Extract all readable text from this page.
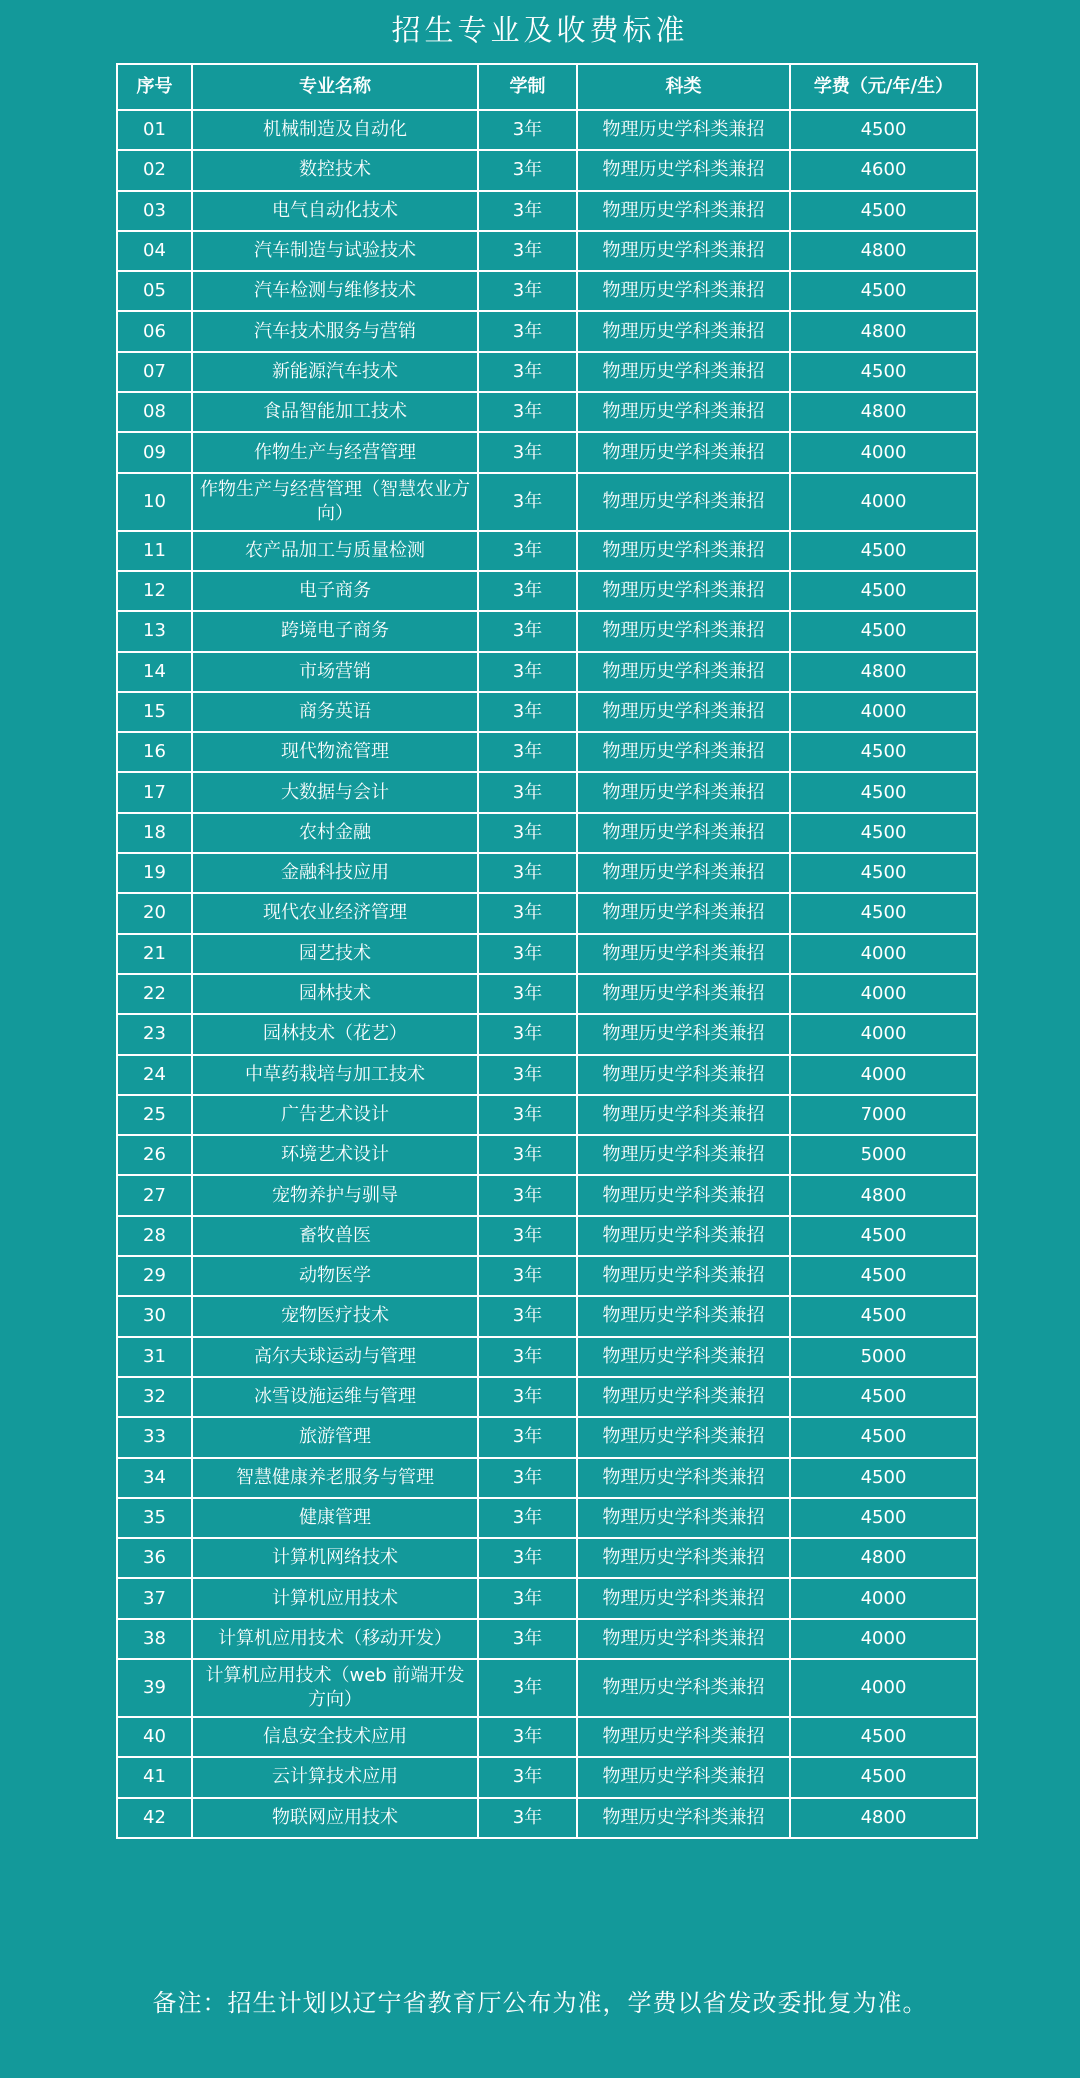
招生专业及收费标准
序号	专业名称	学制	科类	学费（元/年/生）
01	机械制造及自动化	3年	物理历史学科类兼招	4500
02	数控技术	3年	物理历史学科类兼招	4600
03	电气自动化技术	3年	物理历史学科类兼招	4500
04	汽车制造与试验技术	3年	物理历史学科类兼招	4800
05	汽车检测与维修技术	3年	物理历史学科类兼招	4500
06	汽车技术服务与营销	3年	物理历史学科类兼招	4800
07	新能源汽车技术	3年	物理历史学科类兼招	4500
08	食品智能加工技术	3年	物理历史学科类兼招	4800
09	作物生产与经营管理	3年	物理历史学科类兼招	4000
10	作物生产与经营管理（智慧农业方向）	3年	物理历史学科类兼招	4000
11	农产品加工与质量检测	3年	物理历史学科类兼招	4500
12	电子商务	3年	物理历史学科类兼招	4500
13	跨境电子商务	3年	物理历史学科类兼招	4500
14	市场营销	3年	物理历史学科类兼招	4800
15	商务英语	3年	物理历史学科类兼招	4000
16	现代物流管理	3年	物理历史学科类兼招	4500
17	大数据与会计	3年	物理历史学科类兼招	4500
18	农村金融	3年	物理历史学科类兼招	4500
19	金融科技应用	3年	物理历史学科类兼招	4500
20	现代农业经济管理	3年	物理历史学科类兼招	4500
21	园艺技术	3年	物理历史学科类兼招	4000
22	园林技术	3年	物理历史学科类兼招	4000
23	园林技术（花艺）	3年	物理历史学科类兼招	4000
24	中草药栽培与加工技术	3年	物理历史学科类兼招	4000
25	广告艺术设计	3年	物理历史学科类兼招	7000
26	环境艺术设计	3年	物理历史学科类兼招	5000
27	宠物养护与驯导	3年	物理历史学科类兼招	4800
28	畜牧兽医	3年	物理历史学科类兼招	4500
29	动物医学	3年	物理历史学科类兼招	4500
30	宠物医疗技术	3年	物理历史学科类兼招	4500
31	高尔夫球运动与管理	3年	物理历史学科类兼招	5000
32	冰雪设施运维与管理	3年	物理历史学科类兼招	4500
33	旅游管理	3年	物理历史学科类兼招	4500
34	智慧健康养老服务与管理	3年	物理历史学科类兼招	4500
35	健康管理	3年	物理历史学科类兼招	4500
36	计算机网络技术	3年	物理历史学科类兼招	4800
37	计算机应用技术	3年	物理历史学科类兼招	4000
38	计算机应用技术（移动开发）	3年	物理历史学科类兼招	4000
39	计算机应用技术（web 前端开发方向）	3年	物理历史学科类兼招	4000
40	信息安全技术应用	3年	物理历史学科类兼招	4500
41	云计算技术应用	3年	物理历史学科类兼招	4500
42	物联网应用技术	3年	物理历史学科类兼招	4800
备注：招生计划以辽宁省教育厅公布为准，学费以省发改委批复为准。
